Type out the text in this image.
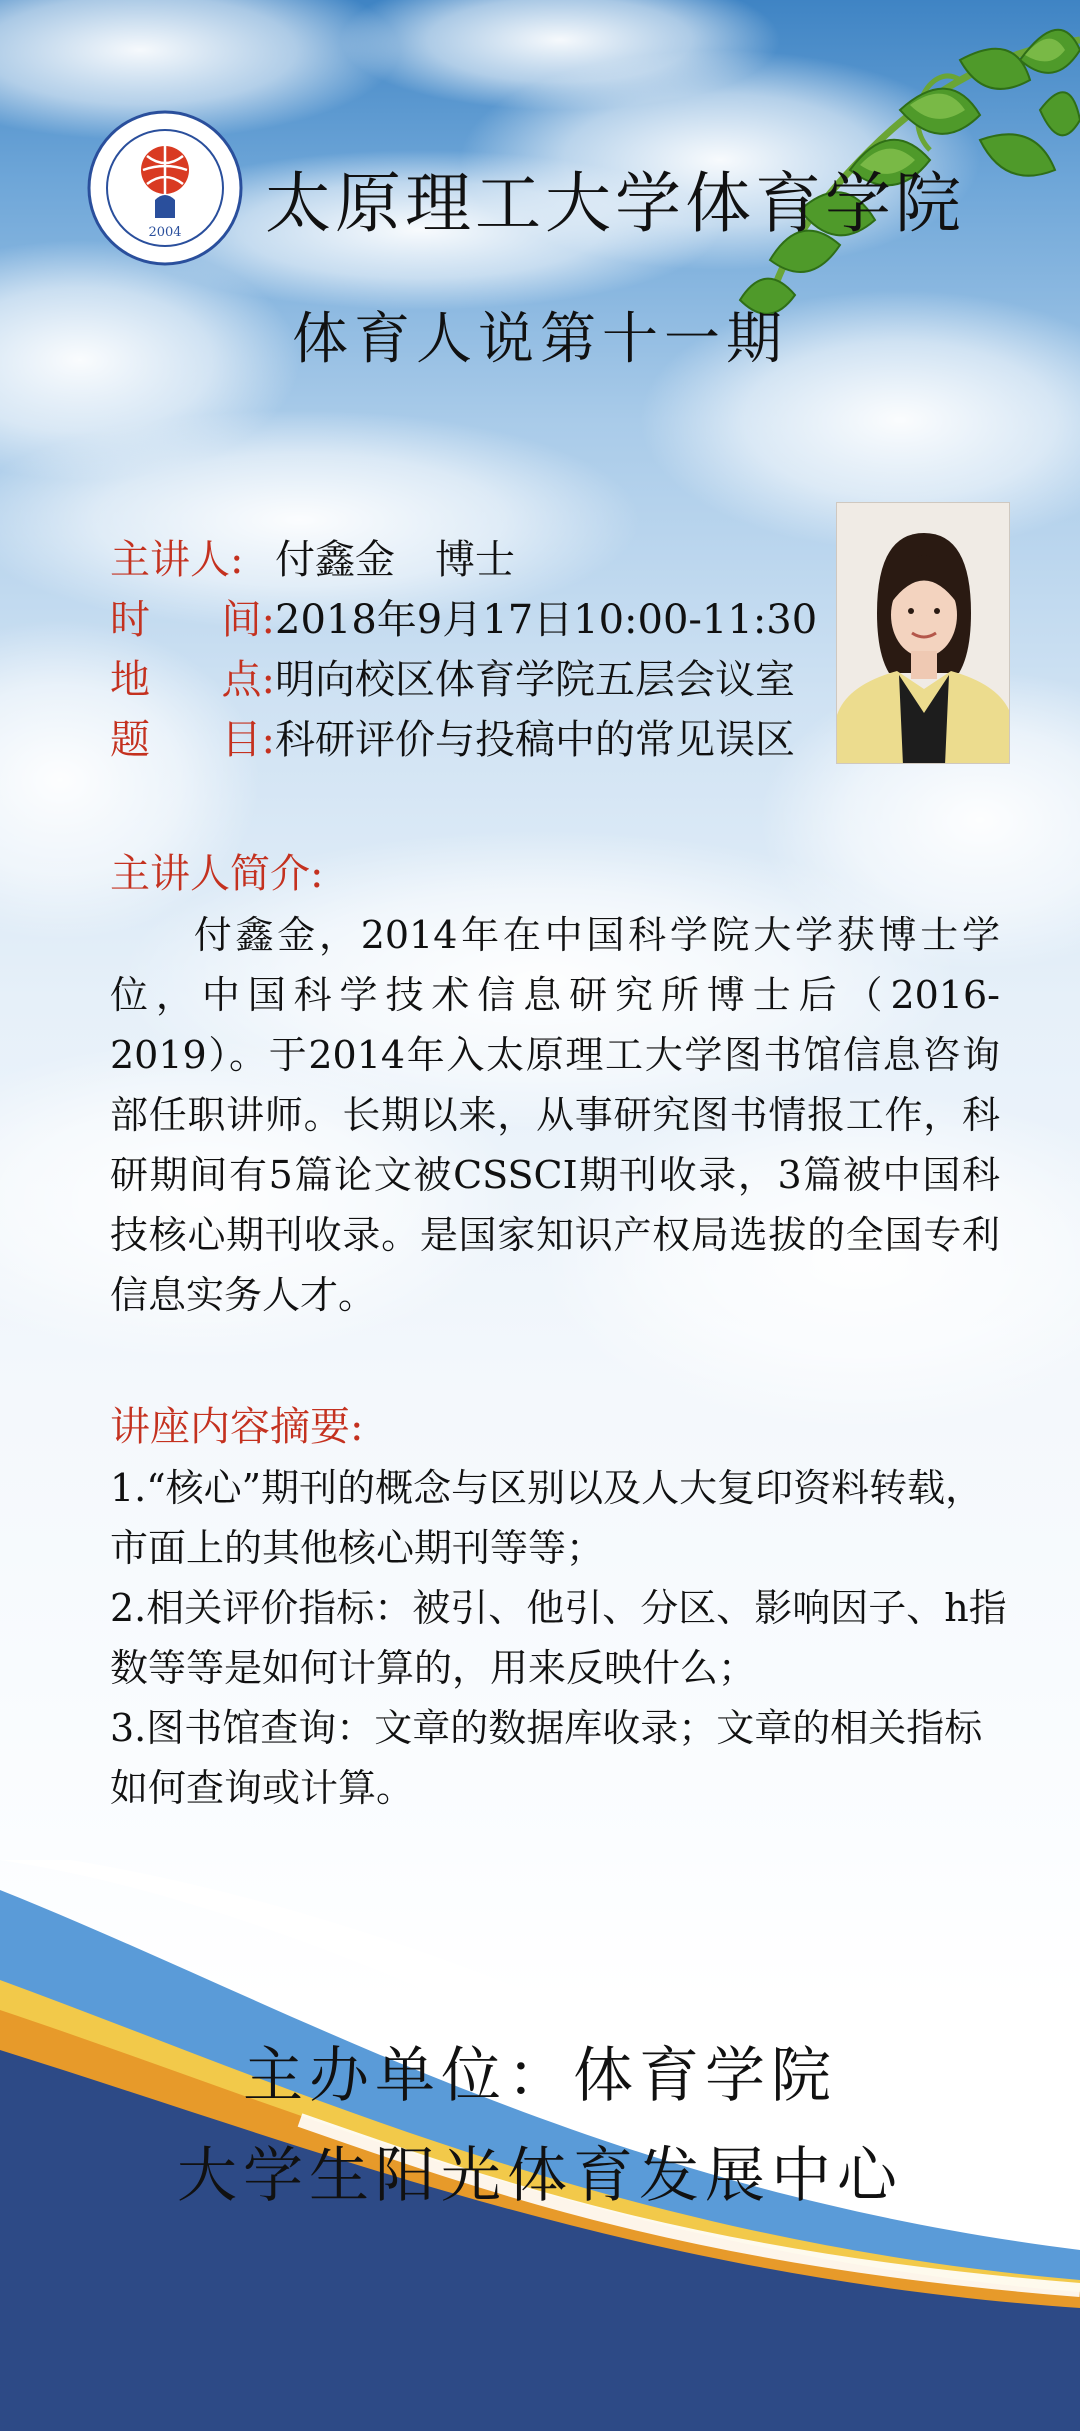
2004 太原理工大学体育学院
体育人说第十一期
主讲人: 付鑫金　博士
时 间: 2018年9月17日10:00-11:30
地 点: 明向校区体育学院五层会议室
题 目: 科研评价与投稿中的常见误区
主讲人简介:
付鑫金，2014年在中国科学院大学获博士学位，中国科学技术信息研究所博士后（2016-2019）。于2014年入太原理工大学图书馆信息咨询部任职讲师。长期以来，从事研究图书情报工作，科研期间有5篇论文被CSSCI期刊收录，3篇被中国科技核心期刊收录。是国家知识产权局选拔的全国专利信息实务人才。
讲座内容摘要:
1.“核心”期刊的概念与区别以及人大复印资料转载，市面上的其他核心期刊等等；
2.相关评价指标：被引、他引、分区、影响因子、h指数等等是如何计算的，用来反映什么；
3.图书馆查询：文章的数据库收录；文章的相关指标如何查询或计算。
主办单位：体育学院
大学生阳光体育发展中心
